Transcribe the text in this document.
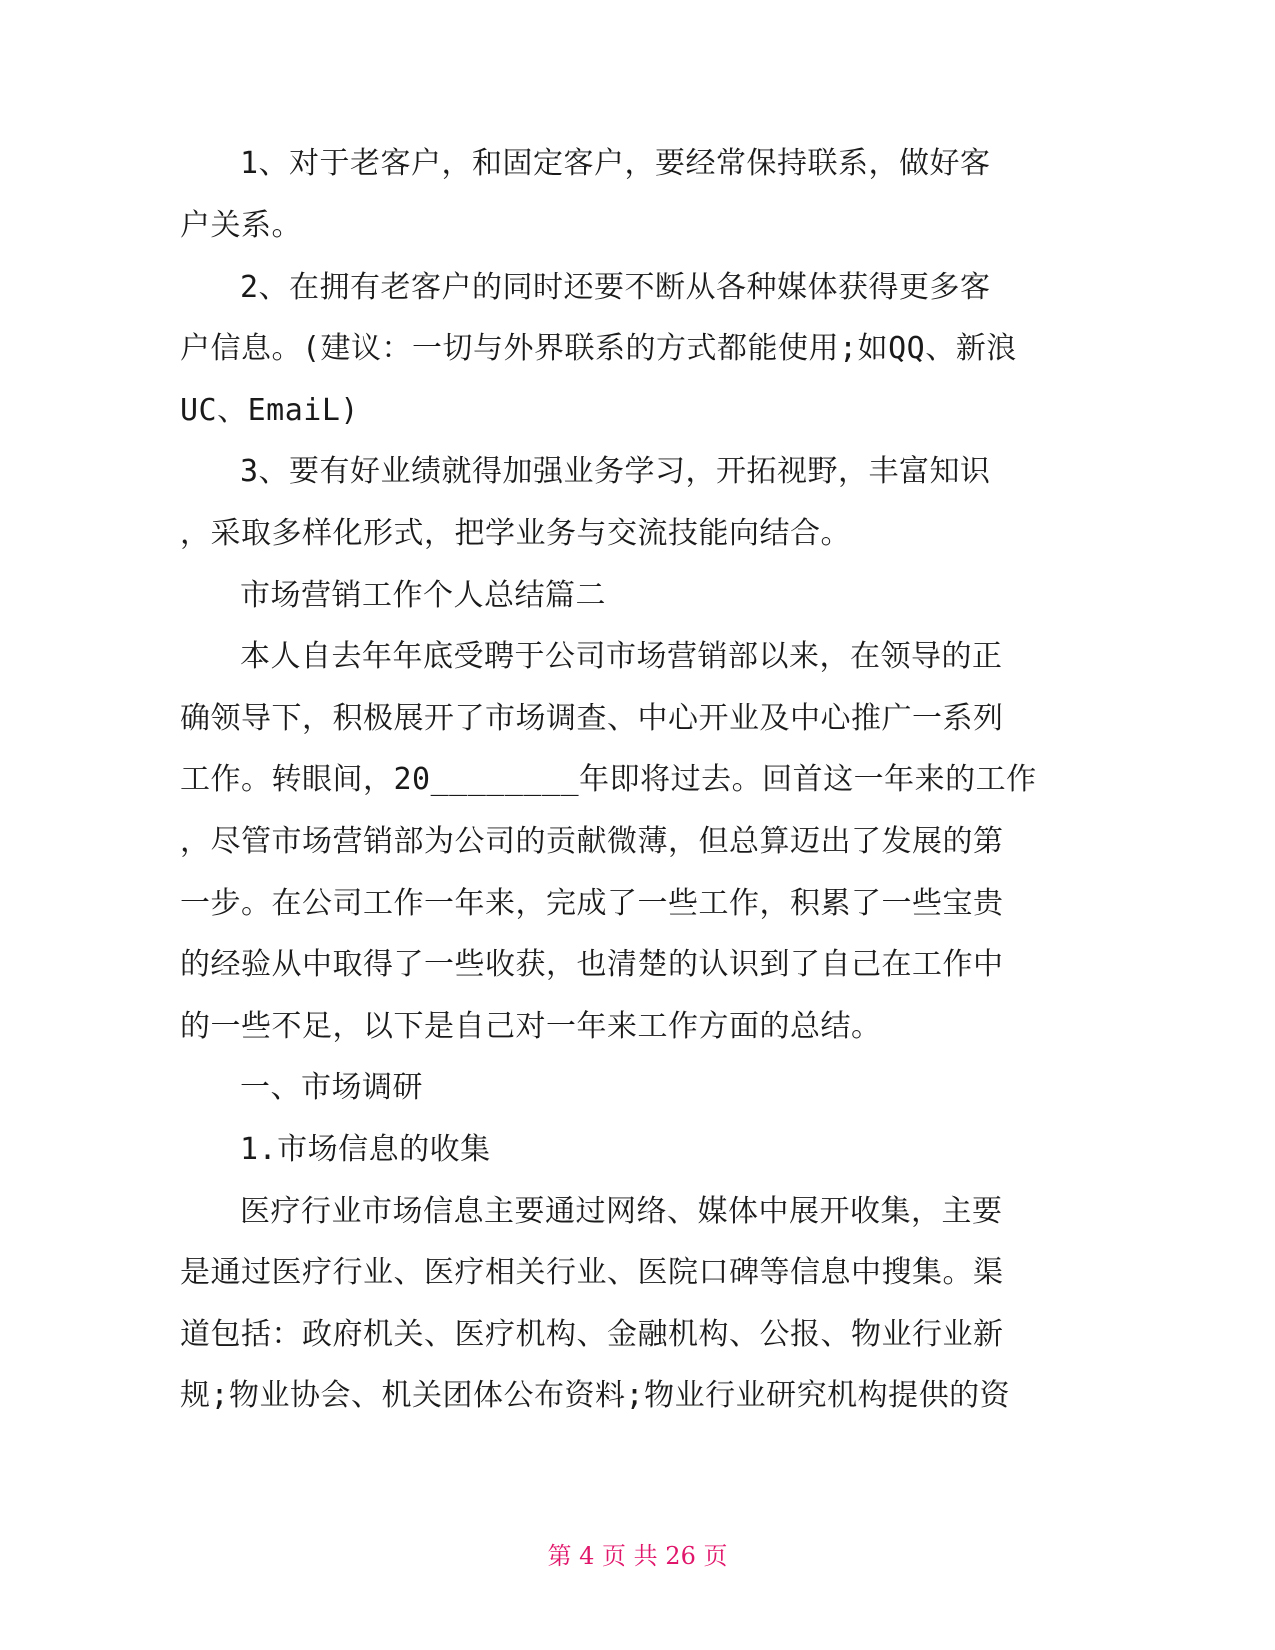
1、对于老客户，和固定客户，要经常保持联系，做好客
户关系。
2、在拥有老客户的同时还要不断从各种媒体获得更多客
户信息。(建议：一切与外界联系的方式都能使用;如QQ、新浪
UC、EmaiL)
3、要有好业绩就得加强业务学习，开拓视野，丰富知识
，采取多样化形式，把学业务与交流技能向结合。
市场营销工作个人总结篇二
本人自去年年底受聘于公司市场营销部以来，在领导的正
确领导下，积极展开了市场调查、中心开业及中心推广一系列
工作。转眼间，20________年即将过去。回首这一年来的工作
，尽管市场营销部为公司的贡献微薄，但总算迈出了发展的第
一步。在公司工作一年来，完成了一些工作，积累了一些宝贵
的经验从中取得了一些收获，也清楚的认识到了自己在工作中
的一些不足，以下是自己对一年来工作方面的总结。
一、市场调研
1.市场信息的收集
医疗行业市场信息主要通过网络、媒体中展开收集，主要
是通过医疗行业、医疗相关行业、医院口碑等信息中搜集。渠
道包括：政府机关、医疗机构、金融机构、公报、物业行业新
规;物业协会、机关团体公布资料;物业行业研究机构提供的资
第 4 页 共 26 页
